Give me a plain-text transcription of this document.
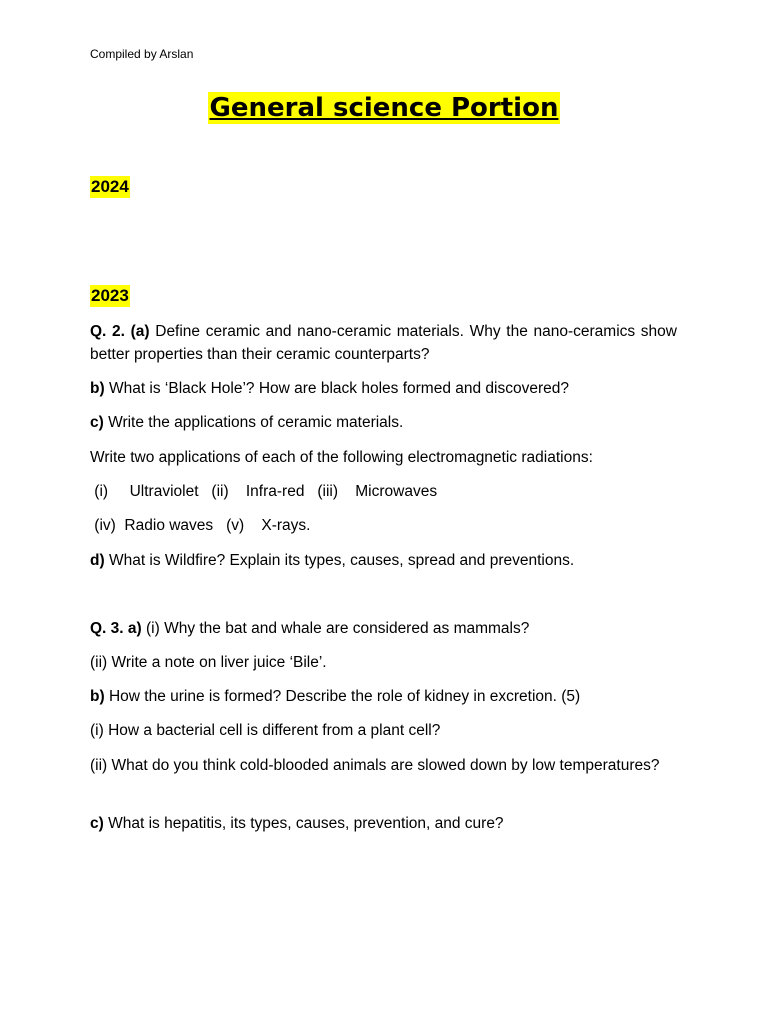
Compiled by Arslan
General science Portion
2024
2023

Q. 2. (a) Define ceramic and nano-ceramic materials. Why the nano-ceramics show better properties than their ceramic counterparts?

b) What is ‘Black Hole’? How are black holes formed and discovered?

c) Write the applications of ceramic materials.

Write two applications of each of the following electromagnetic radiations:

(i)     Ultraviolet   (ii)    Infra-red   (iii)    Microwaves

(iv)  Radio waves   (v)    X-rays.

d) What is Wildfire? Explain its types, causes, spread and preventions.

Q. 3. a) (i) Why the bat and whale are considered as mammals?

(ii) Write a note on liver juice ‘Bile’.

b) How the urine is formed? Describe the role of kidney in excretion. (5)

(i) How a bacterial cell is different from a plant cell?

(ii) What do you think cold-blooded animals are slowed down by low temperatures?

c) What is hepatitis, its types, causes, prevention, and cure?
